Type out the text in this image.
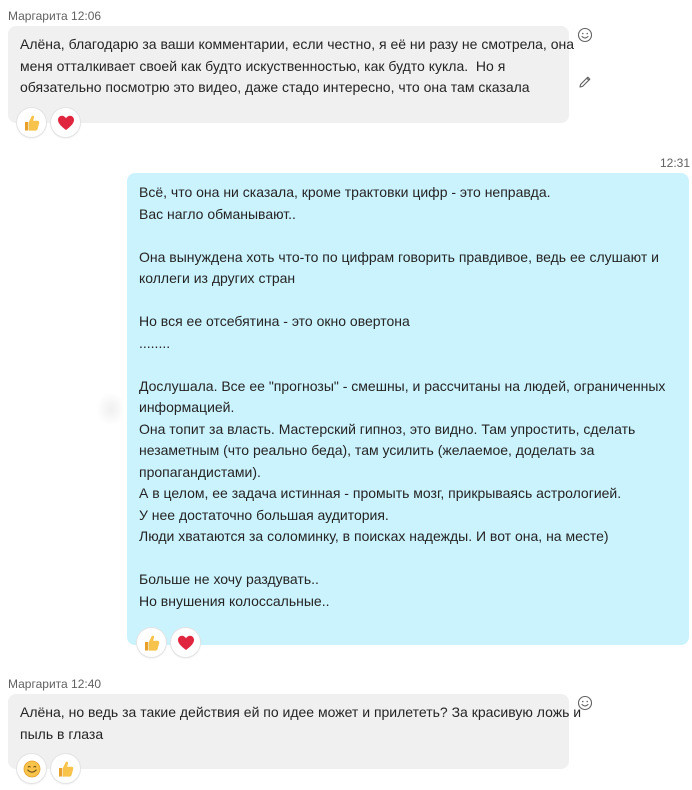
Маргарита 12:06
Алёна, благодарю за ваши комментарии, если честно, я её ни разу не смотрела, она
меня отталкивает своей как будто искуственностью, как будто кукла.  Но я
обязательно посмотрю это видео, даже стадо интересно, что она там сказала
12:31
Всё, что она ни сказала, кроме трактовки цифр - это неправда.
Вас нагло обманывают..
Она вынуждена хоть что-то по цифрам говорить правдивое, ведь ее слушают и
коллеги из других стран
Но вся ее отсебятина - это окно овертона
........
Дослушала. Все ее "прогнозы" - смешны, и рассчитаны на людей, ограниченных
информацией.
Она топит за власть. Мастерский гипноз, это видно. Там упростить, сделать
незаметным (что реально беда), там усилить (желаемое, доделать за
пропагандистами).
А в целом, ее задача истинная - промыть мозг, прикрываясь астрологией.
У нее достаточно большая аудитория.
Люди хватаются за соломинку, в поисках надежды. И вот она, на месте)
Больше не хочу раздувать..
Но внушения колоссальные..
Маргарита 12:40
Алёна, но ведь за такие действия ей по идее может и прилететь? За красивую ложь и
пыль в глаза
